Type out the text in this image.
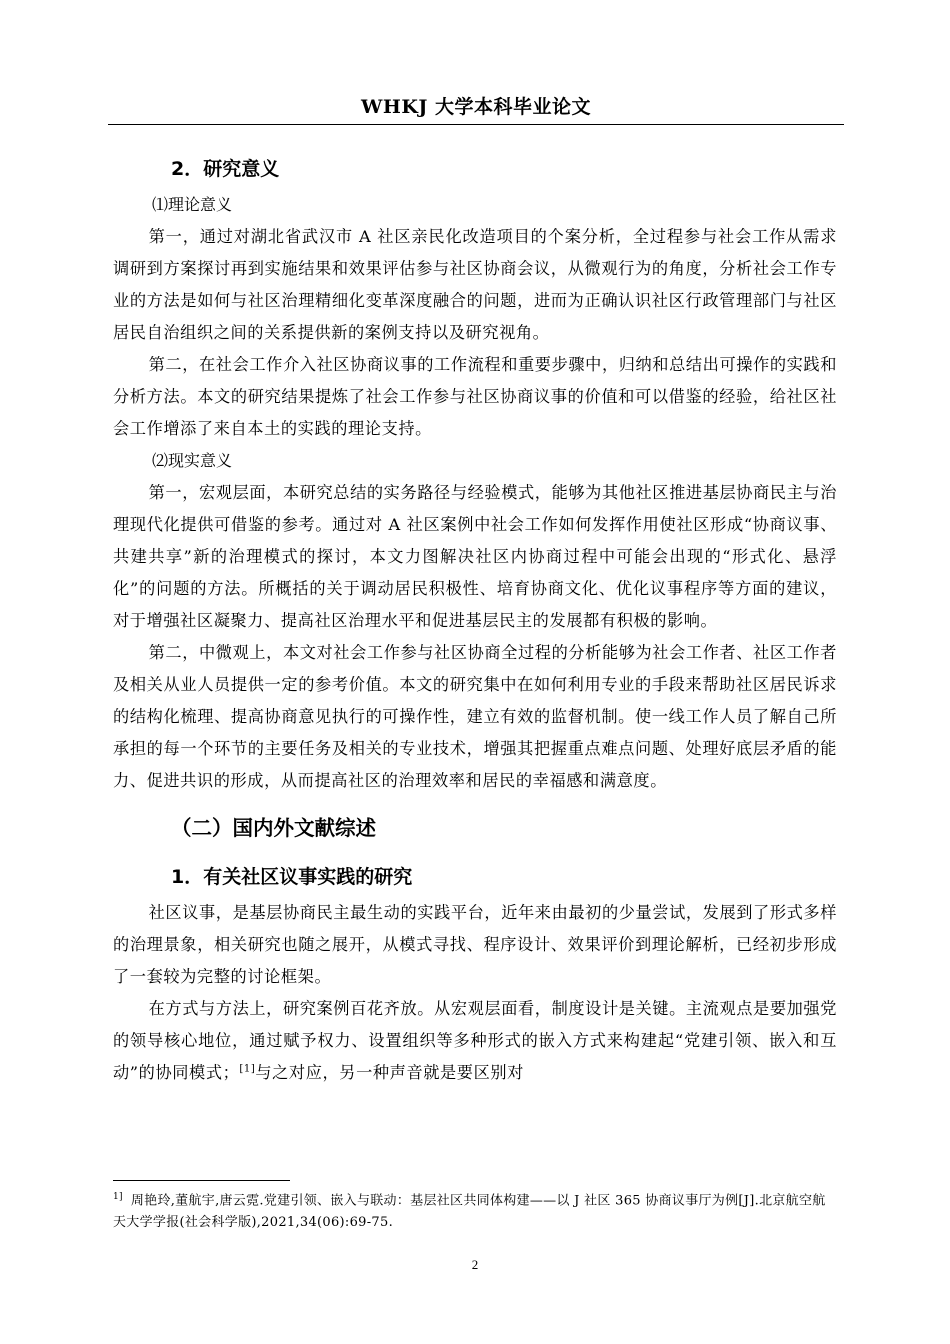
WHKJ 大学本科毕业论文
2．研究意义
⑴理论意义

第一，通过对湖北省武汉市 A 社区亲民化改造项目的个案分析，全过程参与社会工作从需求调研到方案探讨再到实施结果和效果评估参与社区协商会议，从微观行为的角度，分析社会工作专业的方法是如何与社区治理精细化变革深度融合的问题，进而为正确认识社区行政管理部门与社区居民自治组织之间的关系提供新的案例支持以及研究视角。

第二，在社会工作介入社区协商议事的工作流程和重要步骤中，归纳和总结出可操作的实践和分析方法。本文的研究结果提炼了社会工作参与社区协商议事的价值和可以借鉴的经验，给社区社会工作增添了来自本土的实践的理论支持。

⑵现实意义

第一，宏观层面，本研究总结的实务路径与经验模式，能够为其他社区推进基层协商民主与治理现代化提供可借鉴的参考。通过对 A 社区案例中社会工作如何发挥作用使社区形成“协商议事、共建共享”新的治理模式的探讨，本文力图解决社区内协商过程中可能会出现的“形式化、悬浮化”的问题的方法。所概括的关于调动居民积极性、培育协商文化、优化议事程序等方面的建议，对于增强社区凝聚力、提高社区治理水平和促进基层民主的发展都有积极的影响。

第二，中微观上，本文对社会工作参与社区协商全过程的分析能够为社会工作者、社区工作者及相关从业人员提供一定的参考价值。本文的研究集中在如何利用专业的手段来帮助社区居民诉求的结构化梳理、提高协商意见执行的可操作性，建立有效的监督机制。使一线工作人员了解自己所承担的每一个环节的主要任务及相关的专业技术，增强其把握重点难点问题、处理好底层矛盾的能力、促进共识的形成，从而提高社区的治理效率和居民的幸福感和满意度。

（二）国内外文献综述
1．有关社区议事实践的研究

社区议事，是基层协商民主最生动的实践平台，近年来由最初的少量尝试，发展到了形式多样的治理景象，相关研究也随之展开，从模式寻找、程序设计、效果评价到理论解析，已经初步形成了一套较为完整的讨论框架。

在方式与方法上，研究案例百花齐放。从宏观层面看，制度设计是关键。主流观点是要加强党的领导核心地位，通过赋予权力、设置组织等多种形式的嵌入方式来构建起“党建引领、嵌入和互动”的协同模式；[1]与之对应，另一种声音就是要区别对

$^{1]}$ 周艳玲,董航宇,唐云霓.党建引领、嵌入与联动：基层社区共同体构建——以 J 社区 365 协商议事厅为例[J].北京航空航天大学学报(社会科学版),2021,34(06):69-75.
2
